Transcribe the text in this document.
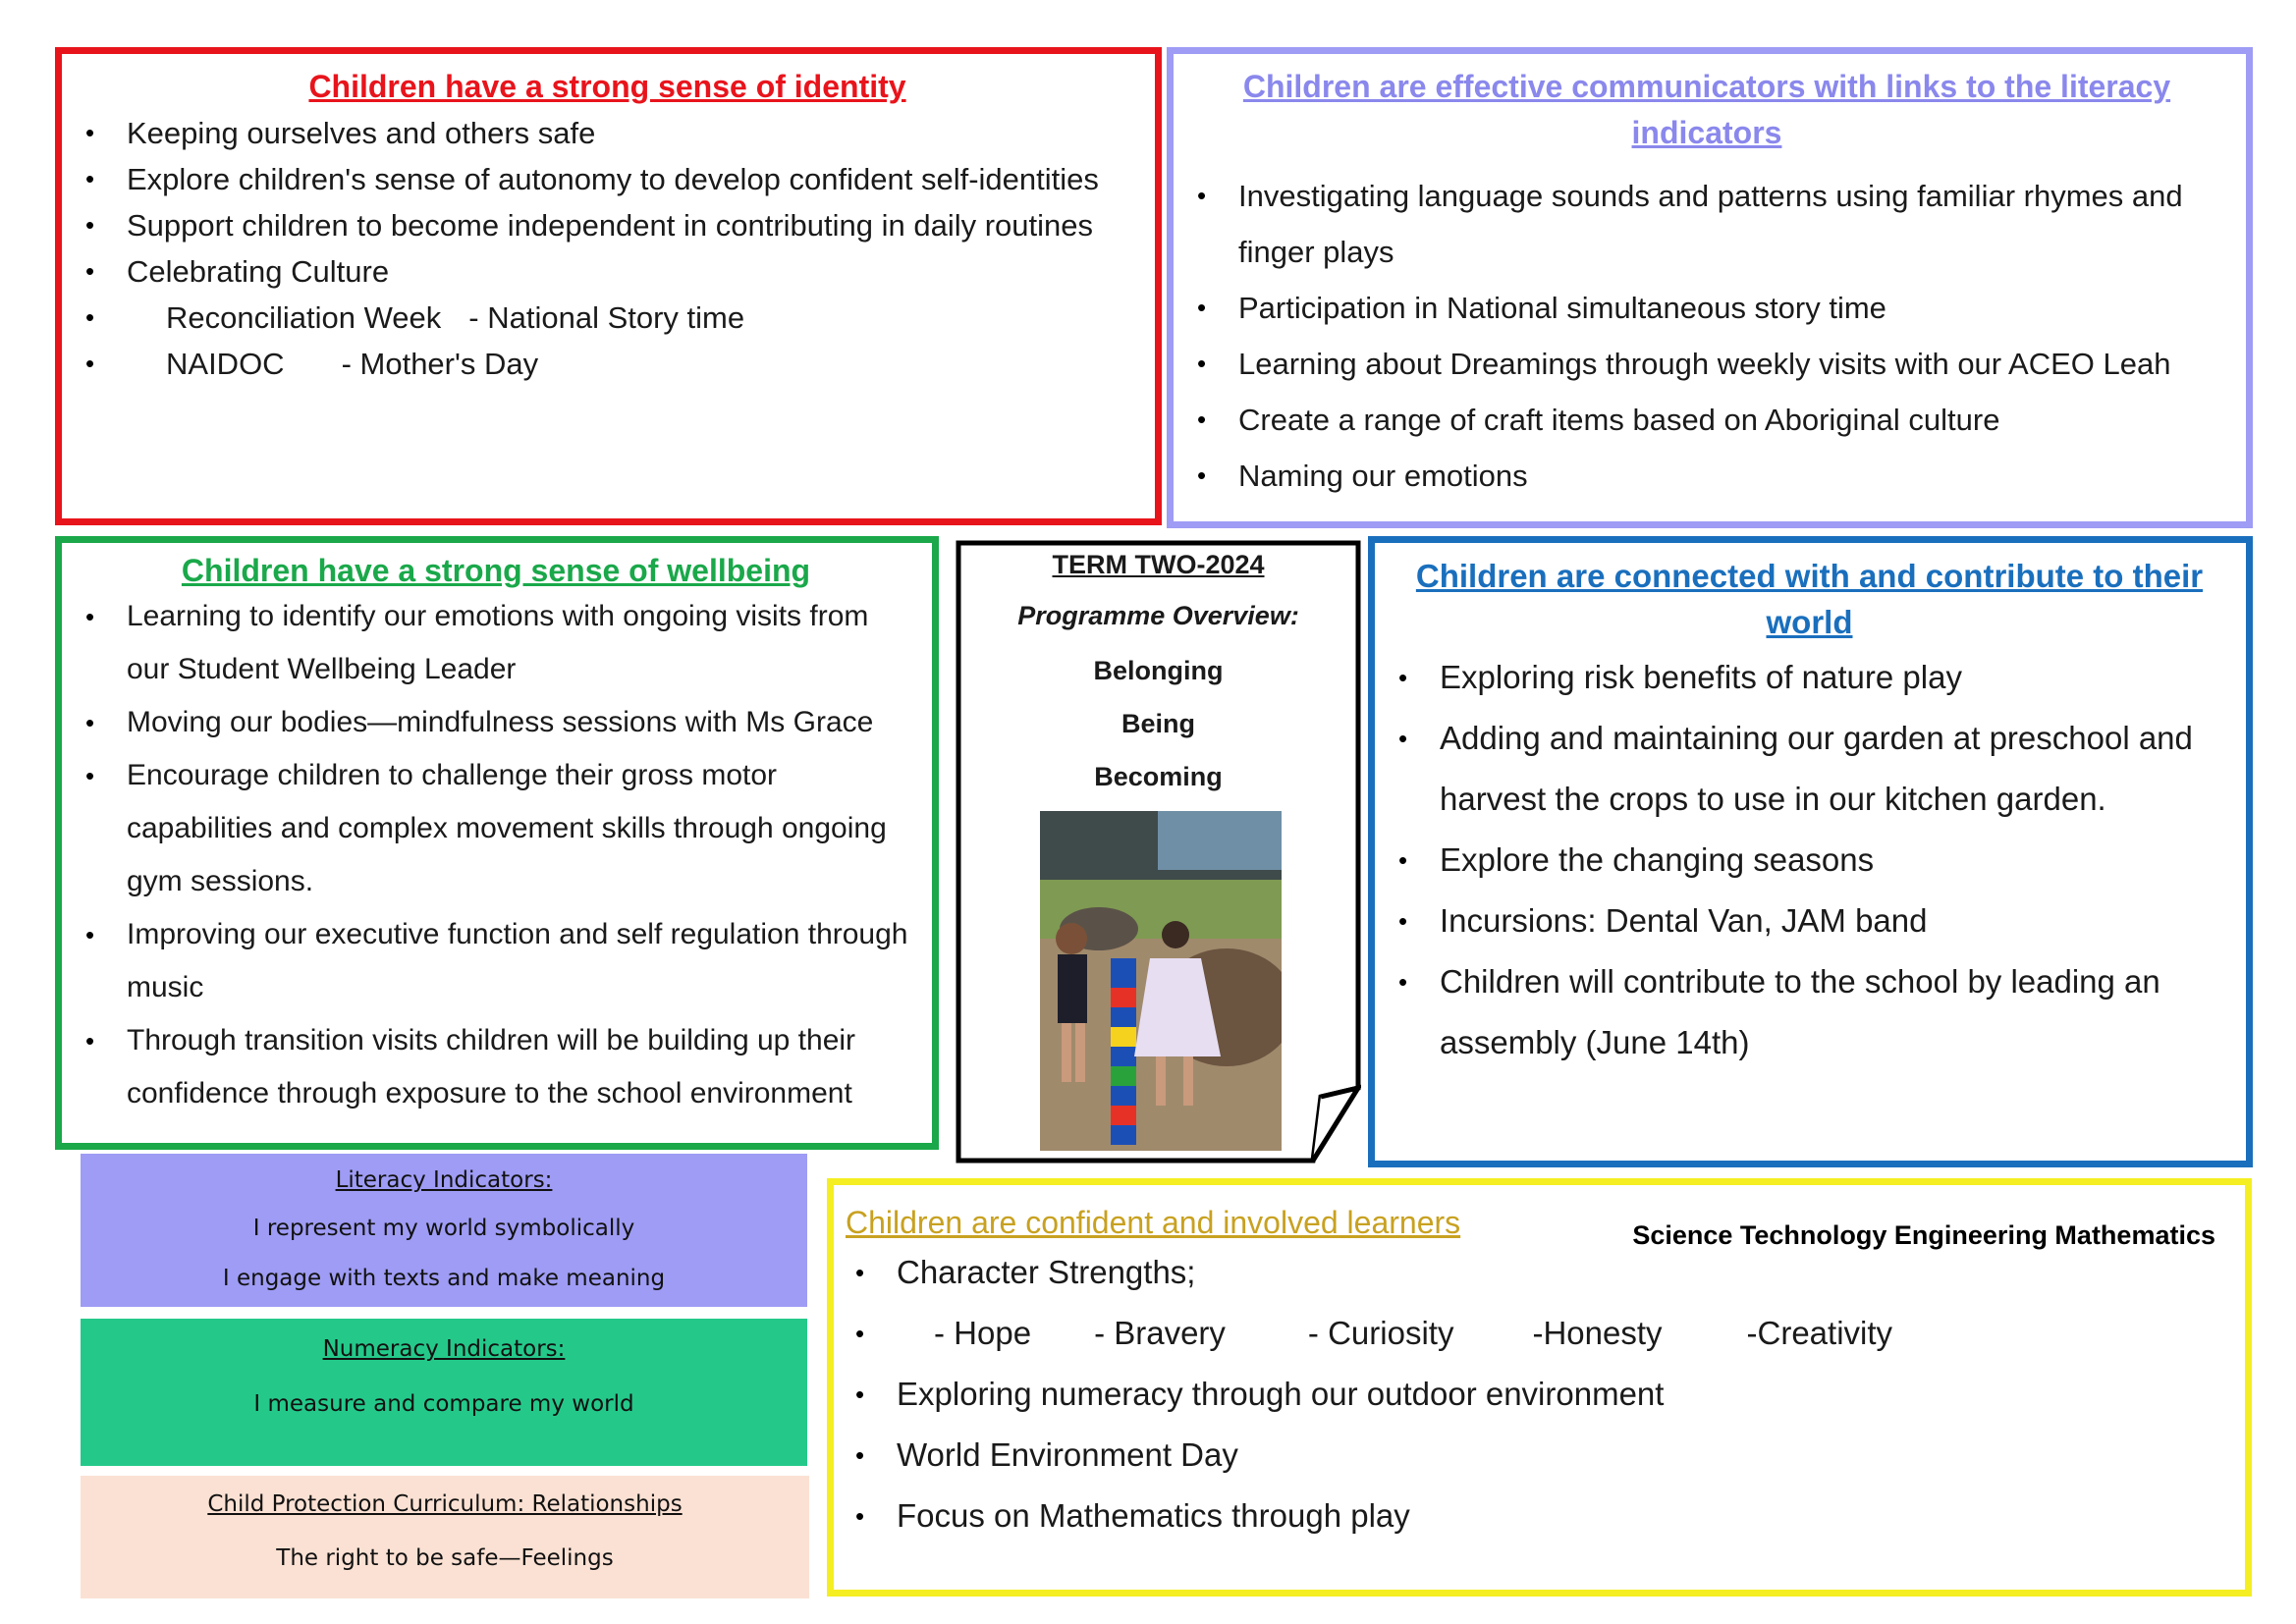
Children have a strong sense of identity

• Keeping ourselves and others safe
• Explore children's sense of autonomy to develop confident self-identities
• Support children to become independent in contributing in daily routines
• Celebrating Culture
• Reconciliation Week - National Story time
• NAIDOC - Mother's Day

Children are effective communicators with links to the literacy indicators

• Investigating language sounds and patterns using familiar rhymes and finger plays
• Participation in National simultaneous story time
• Learning about Dreamings through weekly visits with our ACEO Leah
• Create a range of craft items based on Aboriginal culture
• Naming our emotions

Children have a strong sense of wellbeing

• Learning to identify our emotions with ongoing visits from our Student Wellbeing Leader
• Moving our bodies—mindfulness sessions with Ms Grace
• Encourage children to challenge their gross motor capabilities and complex movement skills through ongoing gym sessions.
• Improving our executive function and self regulation through music
• Through transition visits children will be building up their confidence through exposure to the school environment
TERM TWO-2024
Programme Overview:
Belonging
Being
Becoming

Children are connected with and contribute to their world

• Exploring risk benefits of nature play
• Adding and maintaining our garden at preschool and harvest the crops to use in our kitchen garden.
• Explore the changing seasons
• Incursions: Dental Van, JAM band
• Children will contribute to the school by leading an assembly (June 14th)
Literacy Indicators:
I represent my world symbolically
I engage with texts and make meaning
Numeracy Indicators:
I measure and compare my world
Child Protection Curriculum: Relationships
The right to be safe—Feelings
Children are confident and involved learners	Science Technology Engineering Mathematics
• Character Strengths;
• - Hope - Bravery	- Curiosity -Honesty	-Creativity
• Exploring numeracy through our outdoor environment
• World Environment Day
• Focus on Mathematics through play
